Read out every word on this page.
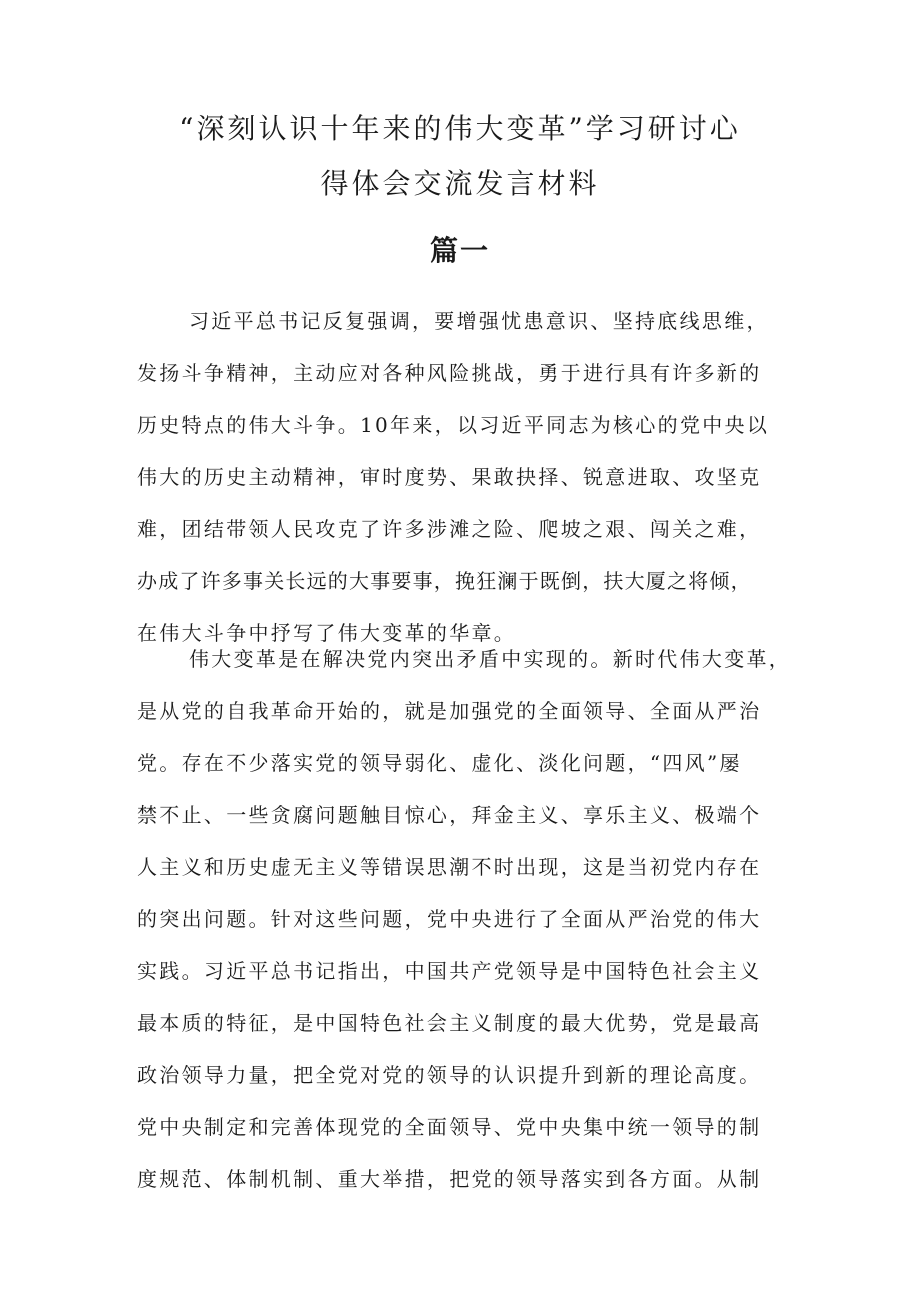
“深刻认识十年来的伟大变革”学习研讨心
得体会交流发言材料
篇一
习近平总书记反复强调，要增强忧患意识、坚持底线思维，
发扬斗争精神，主动应对各种风险挑战，勇于进行具有许多新的
历史特点的伟大斗争。10年来，以习近平同志为核心的党中央以
伟大的历史主动精神，审时度势、果敢抉择、锐意进取、攻坚克
难，团结带领人民攻克了许多涉滩之险、爬坡之艰、闯关之难，
办成了许多事关长远的大事要事，挽狂澜于既倒，扶大厦之将倾，
在伟大斗争中抒写了伟大变革的华章。
伟大变革是在解决党内突出矛盾中实现的。新时代伟大变革，
是从党的自我革命开始的，就是加强党的全面领导、全面从严治
党。存在不少落实党的领导弱化、虚化、淡化问题，“四风”屡
禁不止、一些贪腐问题触目惊心，拜金主义、享乐主义、极端个
人主义和历史虚无主义等错误思潮不时出现，这是当初党内存在
的突出问题。针对这些问题，党中央进行了全面从严治党的伟大
实践。习近平总书记指出，中国共产党领导是中国特色社会主义
最本质的特征，是中国特色社会主义制度的最大优势，党是最高
政治领导力量，把全党对党的领导的认识提升到新的理论高度。
党中央制定和完善体现党的全面领导、党中央集中统一领导的制
度规范、体制机制、重大举措，把党的领导落实到各方面。从制
